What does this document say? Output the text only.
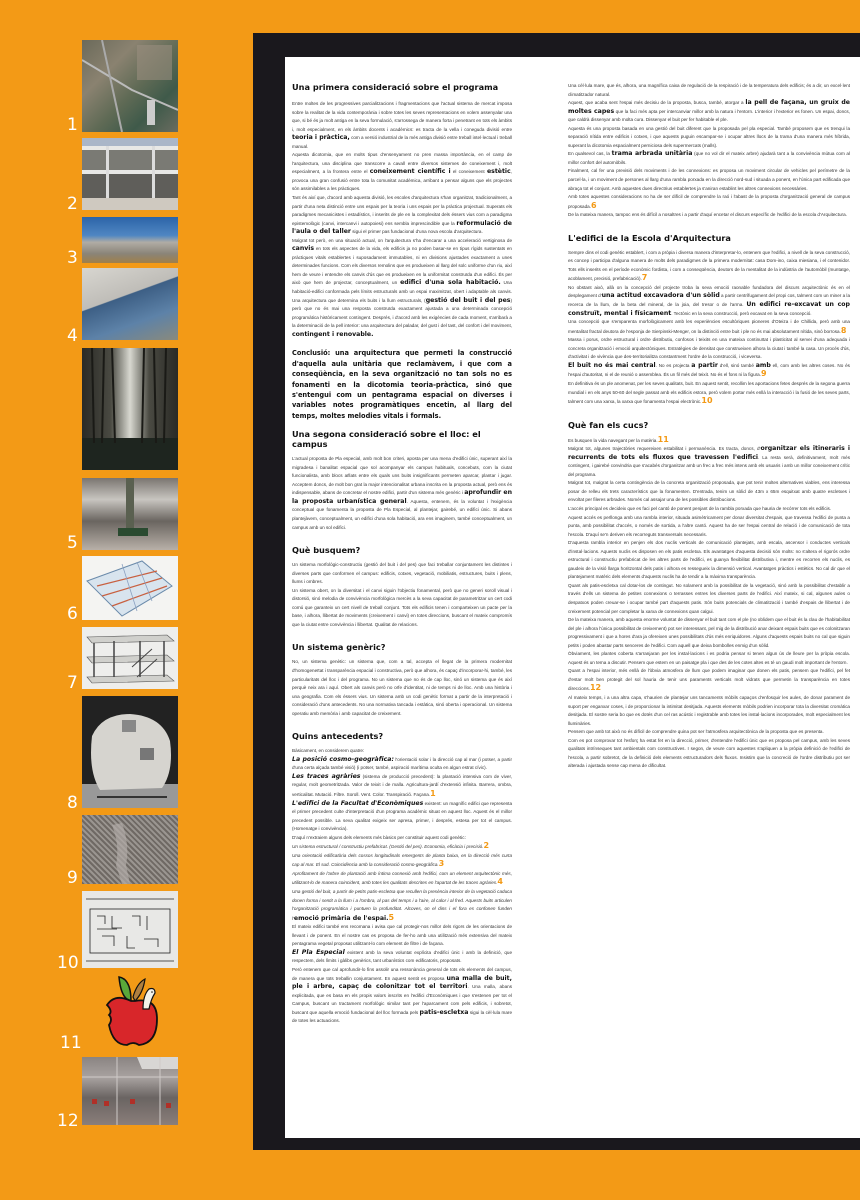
1
2
3
4
5
6
7
8
9
10
11
12
Una primera consideració sobre el programa

Entre moltes de les progressives parcialitzacions i fragmentacions que l'actual sistema de mercat imposa sobre la realitat de la vida contemporània i sobre totes les seves representacions en volem assenyalar una que, si bé és ja molt antiga en la seva formulació, s'arrossega de manera forta i penetrant en tots els àmbits i, molt especialment, en els àmbits docents i acadèmics: es tracta de la vella i coneguda divisió entre teoria i pràctica, com a versió industrial de la més antiga divisió entre treball intel·lectual i treball manual.

Aquesta dicotomia, que en molts tipus d'ensenyament no pren massa importància, en el camp de l'arquitectura, una disciplina que transcorre a cavall entre diversos sistemes de coneixement i, molt especialment, a la frontera entre el coneixement científic i el coneixement estètic, provoca una gran confusió entre tota la comunitat acadèmica, arribant a pensar alguns que els projectes són assimilables a les pràctiques.

Tant és així que, d'acord amb aquesta divisió, les escoles d'arquitectura s'han organitzat, tradicionalment, a partir d'una neta distinció entre uns espais per la teoria i uns espais per la pràctica projectual. Superats els paradigmes mecanicistes i estadístics, i inserits de ple en la complexitat dels éssers vius com a paradigma epistemològic (canvi, intercanvi i autopoiesi) ens sembla imprescindible que la reformulació de l'aula o del taller sigui el primer pas fundacional d'una nova escola d'arquitectura.

Malgrat tot però, en una situació actual, on l'arquitectura s'ha d'encarar a una acceleració vertiginosa de canvis en tots els aspectes de la vida, els edificis ja no poden basar-se en tipus rígids sustentats en pràctiques vitals establertes i suposadament immutables, ni en divisions ajustades exactament a unes determinades funcions. Com els diversos remolins que es produeixen al llarg del solc uniforme d'un riu, així hem de veure i entendre els canvis d'ús que es produeixen en la uniformitat construïda d'un edifici. És per això que hem de projectar, conceptualment, un edifici d'una sola habitació. Una habitació-edifici conformada pels límits estructurals amb un espai maximitzat, obert i adaptable als canvis. Una arquitectura que determina els buits i la llum estructurals, (gestió del buit i del pes) però que no és mai una resposta construïda exactament ajustada a una determinada concepció programàtica històricament contingent. Després, i d'acord amb les exigències de cada moment, s'arribarà a la determinació de la pell interior: una arquitectura del paladar, del gust i del tast, del confort i del moviment, contingent i renovable.

Conclusió: una arquitectura que permeti la construcció d'aquella aula unitària que reclamàvem, i que com a conseqüència, en la seva organització no tan sols no es fonamenti en la dicotomia teoria-pràctica, sinó que s'entengui com un pentagrama espacial on diverses i variables notes programàtiques encetin, al llarg del temps, moltes melodies vitals i formals.
Una segona consideració sobre el lloc: el campus

L'actual proposta de Pla especial, amb molt bon criteri, aposta per una mena d'edifici únic, superant així la migradesa i banalitat espacial que sol acompanyar els campus habituals, concebuts, com la ciutat funcionalista, amb blocs aïllats entre els quals uns buits insignificants permeten aparcar, plantar i jugar. Acceptem doncs, de molt bon grat la major intencionalitat urbana inscrita en la proposta actual, però ens és indispensable, abans de concretar el nostre edifici, partir d'un sistema més genèric i aprofundir en la proposta urbanística general. Aquesta, entenem, és la voluntat i l'exigència conceptual que fonamenta la proposta de Pla Especial, al plantejar, gairebé, un edifici únic. Si abans plantejàvem, conceptualment, un edifici d'una sola habitació, ara ens imaginem, també conceptualment, un campus amb un sol edifici.

Què busquem?

Un sistema morfològic-constructiu (gestió del buit i del pes) que faci treballar conjuntament les distintes i diverses parts que conformen el campus: edificis, cotxes, vegetació, mobiliatis, estructures, buits i plens, llums i ombres.

Un sistema obert, on la diversitat i el canvi siguin l'objectiu fonamental, però que no generi soroll visual i distorsió, sinó melodia de convivència morfològica mercès a la seva capacitat de parametritzar un cert codi comú que garanteix un cert nivell de treball conjunt. Tots els edificis tenen i comparteixen un pacte per la base, i alhora, llibertat de moviments (creixement i canvi) en totes direccions, buscant el mateix compromís que la ciutat entre convivència i llibertat. Qualitat de relacions.

Un sistema genèric?

No, un sistema genètic: un sistema que, com a tal, accepta el llegat de la primera modernitat d'homogeneïtat i transparència espacial i constructiva, però que alhora, és capaç d'incorporar-hi, també, les particularitats del lloc i del programa. No un sistema que no és de cap lloc, sinó un sistema que és així perquè neix ara i aquí. Obert als canvis però no orfe d'identitat, ni de temps ni de lloc. Amb una història i una geografia. Com els éssers vius. Un sistema amb un codi genètic format a partir de la interpretació i consideració d'uns antecedents. No una normativa tancada i estàtica, sinó oberta i operacional. Un sistema operatiu amb memòria i amb capacitat de creixement.

Quins antecedents?

Bàsicament, en considerem quatre:

La posició cosmo-geogràfica: l'orientació solar i la direcció cap al mar (i potser, a partir d'una certa alçada també visió) (i potser, també, aspiració marítima oculta en algun estrat cívic).

Les traces agràries (sistema de producció precedent): la plantació intensiva com de viver, regular, molt geometritzada. Valor de teixit i de malla. Agricultura-jardí d'extensió infinita. Barrera, ombra, verticalitat. Mutació. Filtre. Soroll. Vent. Color. Transpiració. Façana.1

L'edifici de la Facultat d'Econòmiques existent: un magnífic edifici que representa el primer precedent culte d'interpretació d'un programa acadèmic situat en aquest lloc. Aquest és el millor precedent possible. La seva qualitat exigeix ser apresa, primer, i després, estesa per tot el campus. (Homenatge i convivència).

D'aquí n'extraiem alguns dels elements més bàsics per constituir aquest codi genètic:

Un sistema estructural / constructiu prefabricat. (Gestió del pes). Economia, eficàcia i precisió.2

Una orientació edificatòria dels cossos longitudinals emergents de planta baixa, en la direcció més curta cap al mar. El sud. Coincidència amb la consideració cosmo-geogràfica.3

Aprofitament de l'arbre de plantació amb íntima connexió amb l'edifici, com un element arquitectònic més, utilitzant-lo de manera coincident, amb totes les qualitats descrites en l'apartat de les traces agràries.4

Una gestió del buit, a partir de petits patis-escletxa que recullen la presència interior de la vegetació caduca donen forma i sentit a la llum i a l'ombra, al pas del temps i a l'aire, al calor i al fred. Aquests buits articulen l'organització programàtica i puntuen la profunditat. Alcoves, on el dins i el fora es confonen funden l'emoció primària de l'espai.5

El mateix edifici també ens recomana i avisa que cal protegir-nos millor dels rigors de les orientacions de llevant i de ponent. En el nostre cas es proposa de fer-ho amb una utilització més extensiva del mateix pentagrama vegetal proposat utilitzant-lo com element de filtre i de façana.

El Pla Especial existent amb la seva voluntat explícita d'edifici únic i amb la definició, que respectem, dels límits i gàlibs genèrics, tant urbanístics com edificatoris, proposats.

Però entenem que cal aprofundir-lo fins assolir una ressonància general de tots els elements del campus, de manera que tots treballin conjuntament. En aquest sentit es proposa una malla de buit, ple i arbre, capaç de colonitzar tot el territori. Una malla, abans explicitada, que es basa en els propis valors inscrits en l'edifici d'Econòmiques i que s'estenen per tot el Campus, buscant un tractament morfològic similar tant per l'aparcament com pels edificis, i sobretot, buscant que aquella emoció fundacional del lloc formada pels patis-escletxa sigui la cèl·lula mare de totes les actuacions.

Una cèl·lula mare, que és, alhora, una magnífica caixa de regulació de la respiració i de la temperatura dels edificis; és a dir, un excel·lent climatitzador natural.

Aquest, que acaba sent l'espai més decisiu de la proposta, busca, també, atorgar a la pell de façana, un gruix de moltes capes que la faci més apta per intercanviar millor amb la natura i l'entorn. L'interior i l'exterior es fonen. Un espai, doncs, que caldrà dissenyar amb molta cura. Dissenyar el buit per fer habitable el ple.

Aquesta és una proposta basada en una gestió del buit diferent que la proposada pel pla especial. També proposem que es trenqui la separació nítida entre edificis i cotxes, i que aquests puguin escampar-se i ocupar altres llocs de la trama d'una manera més híbrida, superant la dicotomia espacialment perniciosa dels supermercats (malls).

En qualsevol cas, la trama arbrada unitària (que no vol dir el mateix arbre) ajudarà tant a la convivència mútua com al millor confort del automòbils.

Finalment, cal fer una previsió dels moviments i de les connexions: es proposa un moviment circular de vehicles pel perímetre de la parcel·la, i un moviment de persones al llarg d'una rambla porxada en la direcció nord-sud i situada a ponent, en l'única part edificada que abraça tot el conjunt. Amb aquestes dues directrius establertes ja s'aniran establint les altres connexions necessàries.

Amb totes aquestes consideracions no ha de ser difícil de comprendre la raó i l'abast de la proposta d'organització general de campus proposada.6

De la mateixa manera, tampoc ens és difícil a nosaltres i a partir d'aquí encetar el discurs específic de l'edifici de la escola d'Arquitectura.

L'edifici de la Escola d'Arquitectura

Sempre dins el codi genètic establert, i com a pròpia i diversa manera d'interpretar-lo, entenem que l'edifici, a nivell de la seva construcció, es concep i participa d'alguna manera de molts dels paradigmes de la primera modernitat: casa Dom-ino, caixa miesiana, i el contenidor. Tots ells inserits en el període econòmic fordista, i com a conseqüència, deutors de la mentalitat de la indústria de l'automòbil (muntatge, acoblament, precisió, prefabricació).7

No obstant això, allà on la concepció del projecte troba la seva emoció raonable fundadora del discurs arquitectònic és en el desplegament d'una actitud excavadora d'un sòlid a partir centrífugament del propi cos, talment com un miner a la recerca de la llum, de la beta del mineral, de la joia, del tresor o de l'arma. Un edifici re-excavat un cop construït, mental i físicament. Tectònic en la seva construcció, però excavat en la seva concepció.

Una concepció que s'emparenta morfològicament amb les experiències escultòriques pioneres d'Oteiza i de Chillida, però amb una mentalitat fractal deutora de l'esponja de Sierpinski-Menger, on la distinció entre buit i ple no és mai absolutament nítida, sinó borrosa.8

Massa i porus, ordre estructural i ordre distributiu, confosos i teixits en una mateixa continuïtat i plasticitat al servei d'una adequada i concreta organització i emoció arquitectòniques. Estratègies de densitat que construeixen alhora la ciutat i també la casa. Un procés d'ús, d'activitat i de vivència que des-territorialitza constantment l'ordre de la construcció, i viceversa.

El buit no és mai central. No es projecta a partir d'ell, sinó també amb ell, com amb les altres coses. No és l'espai d'autoritat, ni el de reunió o assemblea. És un fil més del teixit. No és el fons ni la figura.9

En definitiva és un ple anomenat, per les seves qualitats, buit. En aquest sentit, recollim les aportacions fetes després de la segona guerra mundial i en els anys 50-60 del segle passat amb els edificis estora, però volem portar més enllà la interacció i la fusió de les seves parts, talment com una xarxa, la xarxa que fonamenta l'espai electrònic.10

Què fan els cucs?

Es busquen la vida navegant per la matèria.11

Malgrat tot, algunes trajectòries requereixen estabilitat i permanència. Es tracta, doncs, d'organitzar els itineraris i recurrents de tots els fluxos que travessen l'edifici. La resta serà, definitivament, molt més contingent, i gairebé convindria que s'acabés d'organitzar amb un frec a frec més intens amb els usuaris i amb un millor coneixement crític del programa.

Malgrat tot, malgrat la certa contingència de la concreta organització proposada, que pot tenir moltes alternatives viables, ens interessa posar de relleu els trets característics que la fonamenten. D'entrada, tenim un sòlid de 43m x 65m esquitxat amb quatre escletxes i envoltat per fileres arbrades. Només cal assajar una de les possibles distribucions.

L'accés principal es decideix que es faci pel cantó de ponent penjant de la rambla porxada que hauria de recórrer tots els edificis.

Aquest accés es perllonga amb una rambla interior, situada asimètricament per donar diversitat d'espais, que travessa l'edifici de punta a punta, amb possibilitat d'accés, o només de sortida, a l'altre cantó. Aquest ha de ser l'espai central de relació i de comunicació de tota l'escola. D'aquí se'n deriven els recorreguts transversals necessaris.

D'aquesta rambla interior en penjen els dos nuclis verticals de comunicació plantejats, amb escala, ascensor i conductes verticals d'instal·lacions. Aquests nuclis es disposen en els patis escletxa. Els avantatges d'aquesta decisió són molts: no s'altera el rigorós ordre estructural i constructiu prefabricat de les altres parts de l'edifici, es guanya flexibilitat distributiva i, mentre es recorren els nuclis, es gaudeix de la visió llarga horitzontal dels patis i alhora es ressegueix la dimensió vertical. Avantatges pràctics i estètics. No cal dir que el plantejament matèric dels elements d'aquests nuclis ha de tendir a la màxima transparència.

Quant als patis-escletxa cal dotar-los de contingut. No solament amb la possibilitat de la vegetació, sinó amb la possibilitat d'establir a través d'ells un sistema de petites connexions o terrasses entres les diverses parts de l'edifici. Així mateix, si cal, algunes aules o despatxos poden creuar-se i ocupar també part d'aquests patis. Són buits potencials de climatització i també d'espais de llibertat i de creixement potencial per completar la xarxa de connexions quan calgui.

De la mateixa manera, amb aquesta enorme voluntat de dissenyar el buit tant com el ple (no oblidem que el buit és la clau de l'habitabilitat del ple i alhora l'única possibilitat de creixement) pot ser interessant, pel mig de la distribució anar deixant espais buits que es colonitzaran progressivament i que a hores d'ara ja ofereixen unes possibilitats d'ús més enriquidores. Alguns d'aquests espais buits no cal que siguin petits i poden abastar parts senceres de l'edifici. Com aquell que deixa bombolles enmig d'un sòlid.

Òbviament, les plantes coberta s'arranjaran per les instal·lacions i es podria pensar si tenen algun ús de lleure per la pròpia escola. Aquest és un tema a discutir. Pensem que estem en un paisatge pla i que des de les cotes altes es té un gaudi molt important de l'entorn.

Quant a l'espai interior, més enllà de l'òbvia atmosfera de llum que podem imaginar que donen els patis, pensem que l'edifici, pel fet d'estar molt ben protegit del sol hauria de tenir uns paraments verticals molt vidrats que permetin la transparència en totes direccions.12

Al mateix temps, i a una altra capa, s'haurien de plantejar uns tancaments mòbils capaços d'enfosquir les aules, de donar parament de suport per enganxar coses, i de proporcionar la intimitat desitjada. Aquests elements mòbils podrien incorporar tota la diversitat cromàtica desitjada. El sostre seria bo que es dotés d'un cel ras acústic i registrable amb totes les instal·lacions incorporades, molt especialment les lluminàries.

Pensem que amb tot això no és difícil de comprendre quina pot ser l'atmosfera arquitectònica de la proposta que es presenta.

Com es pot comprovar tot l'esforç ha estat fet en la direcció, primer, d'entendre l'edifici únic que es proposa pel campus, amb les seves qualitats intrínseques tant ambientals com constructives. I segon, de veure com aquestes s'apliquen a la pròpia definició de l'edifici de l'escola, a partir sobretot, de la definició dels elements estructuradors dels fluxos. Insistim que la concreció de l'ordre distributiu pot ser alterada i ajustada sense cap mena de dificultat.
